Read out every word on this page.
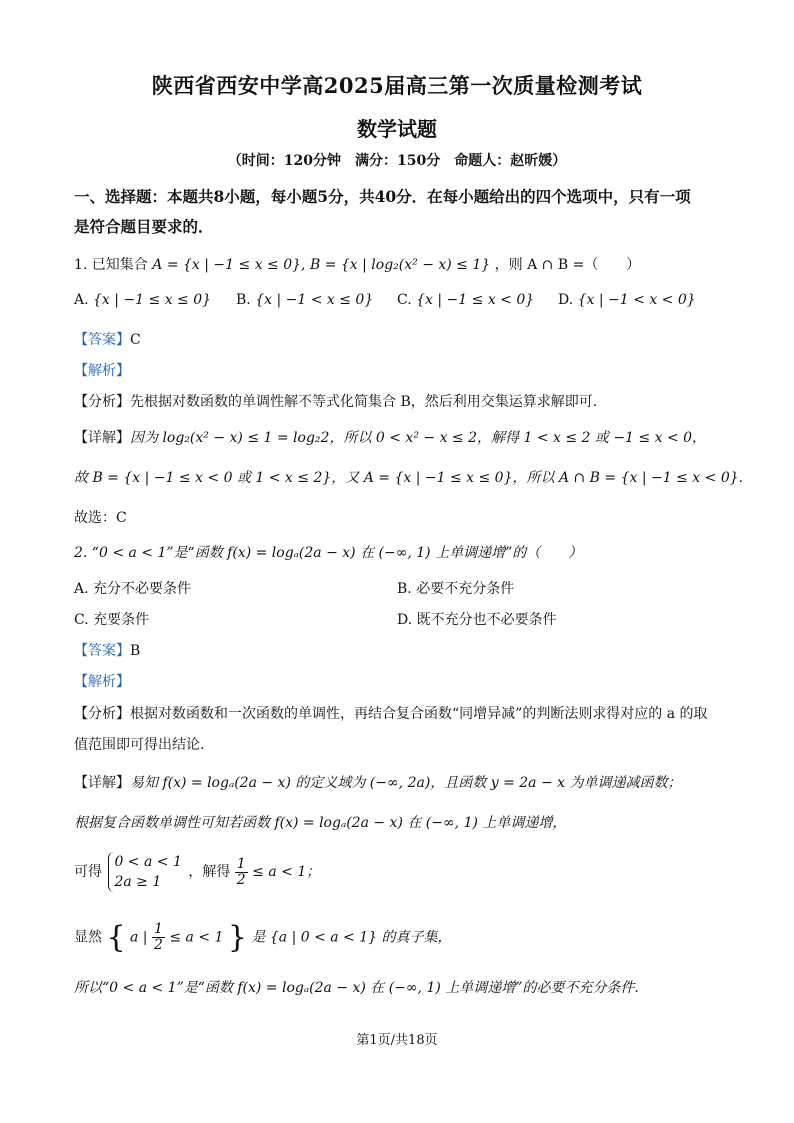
陕西省西安中学高2025届高三第一次质量检测考试
数学试题
（时间：120分钟　满分：150分　命题人：赵昕媛）
一、选择题：本题共8小题，每小题5分，共40分．在每小题给出的四个选项中，只有一项
是符合题目要求的．
1. 已知集合 A = {x | −1 ≤ x ≤ 0}, B = {x | log₂(x² − x) ≤ 1} ，则 A ∩ B =（　　）
A. {x | −1 ≤ x ≤ 0} B. {x | −1 < x ≤ 0} C. {x | −1 ≤ x < 0} D. {x | −1 < x < 0}
【答案】C
【解析】
【分析】先根据对数函数的单调性解不等式化简集合 B，然后利用交集运算求解即可.
【详解】因为 log₂(x² − x) ≤ 1 = log₂2，所以 0 < x² − x ≤ 2，解得 1 < x ≤ 2 或 −1 ≤ x < 0，
故 B = {x | −1 ≤ x < 0 或 1 < x ≤ 2}，又 A = {x | −1 ≤ x ≤ 0}，所以 A ∩ B = {x | −1 ≤ x < 0}.
故选：C
2. “0 < a < 1”是“函数 f(x) = logₐ(2a − x) 在 (−∞, 1) 上单调递增”的（　　）
A. 充分不必要条件	B. 必要不充分条件
C. 充要条件	D. 既不充分也不必要条件
【答案】B
【解析】
【分析】根据对数函数和一次函数的单调性，再结合复合函数“同增异减”的判断法则求得对应的 a 的取
值范围即可得出结论.
【详解】易知 f(x) = logₐ(2a − x) 的定义域为 (−∞, 2a)，且函数 y = 2a − x 为单调递减函数；
根据复合函数单调性可知若函数 f(x) = logₐ(2a − x) 在 (−∞, 1) 上单调递增，
可得
0 < a < 1
2a ≥ 1
，解得 $\frac{1}{2} \le a < 1$；
显然 { a | $\frac{1}{2} \le a < 1$ } 是 {a | 0 < a < 1} 的真子集，
所以“0 < a < 1”是“函数 f(x) = logₐ(2a − x) 在 (−∞, 1) 上单调递增”的必要不充分条件.
第1页/共18页
